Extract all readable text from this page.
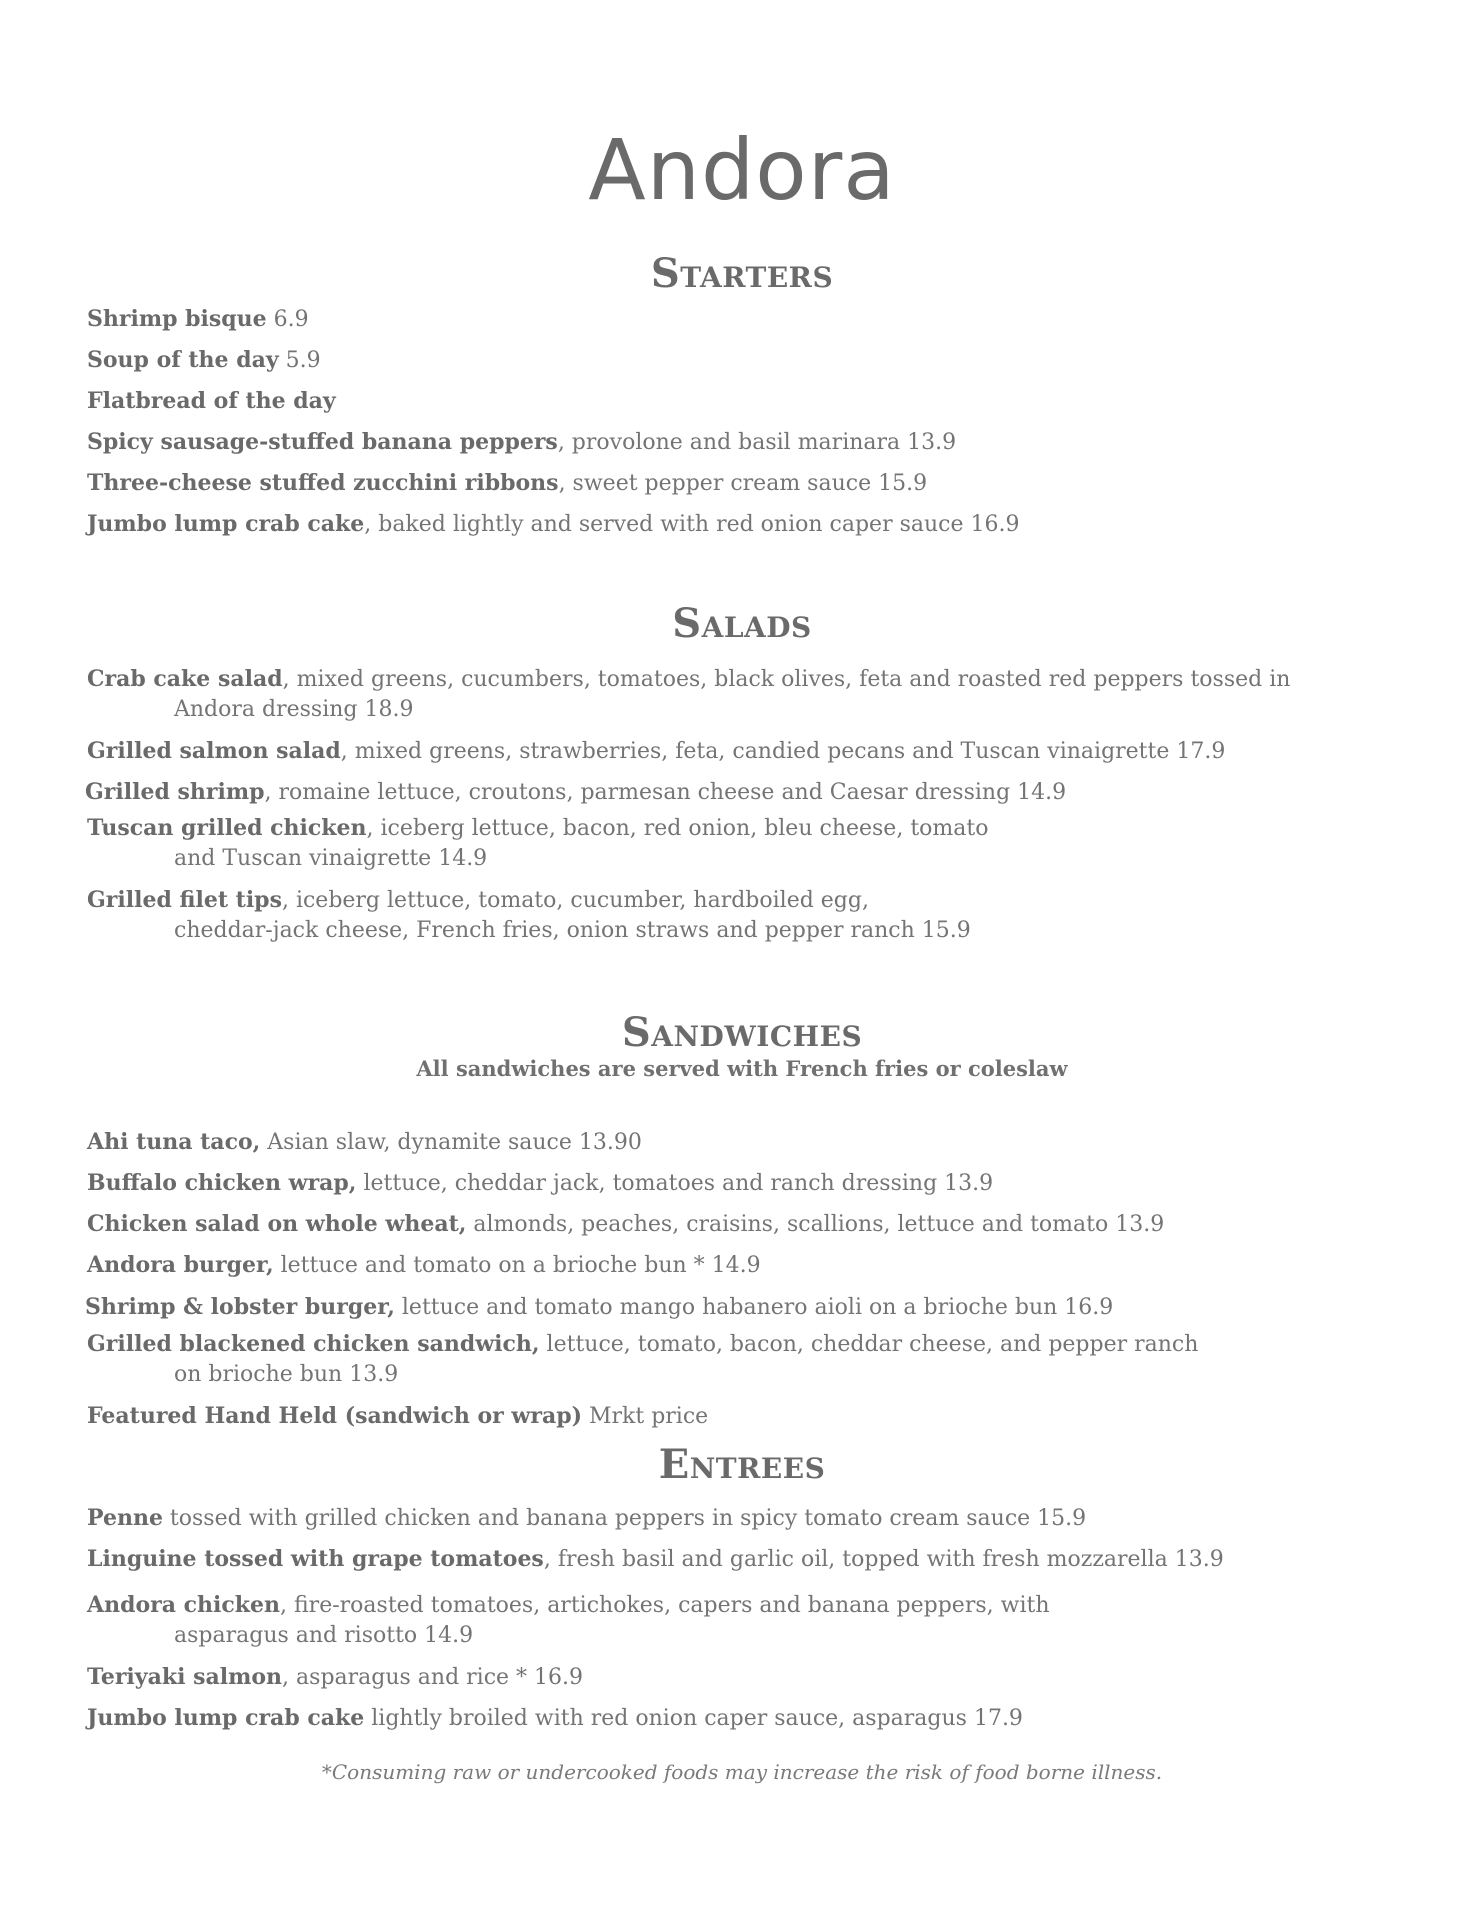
Andora
Starters

Shrimp bisque 6.9

Soup of the day 5.9

Flatbread of the day

Spicy sausage-stuffed banana peppers, provolone and basil marinara 13.9

Three-cheese stuffed zucchini ribbons, sweet pepper cream sauce 15.9

Jumbo lump crab cake, baked lightly and served with red onion caper sauce 16.9

Salads

Crab cake salad, mixed greens, cucumbers, tomatoes, black olives, feta and roasted red peppers tossed in
Andora dressing 18.9

Grilled salmon salad, mixed greens, strawberries, feta, candied pecans and Tuscan vinaigrette 17.9

Grilled shrimp, romaine lettuce, croutons, parmesan cheese and Caesar dressing 14.9

Tuscan grilled chicken, iceberg lettuce, bacon, red onion, bleu cheese, tomato
and Tuscan vinaigrette 14.9

Grilled filet tips, iceberg lettuce, tomato, cucumber, hardboiled egg,
cheddar-jack cheese, French fries, onion straws and pepper ranch 15.9

Sandwiches
All sandwiches are served with French fries or coleslaw

Ahi tuna taco, Asian slaw, dynamite sauce 13.90

Buffalo chicken wrap, lettuce, cheddar jack, tomatoes and ranch dressing 13.9

Chicken salad on whole wheat, almonds, peaches, craisins, scallions, lettuce and tomato 13.9

Andora burger, lettuce and tomato on a brioche bun * 14.9

Shrimp & lobster burger, lettuce and tomato mango habanero aioli on a brioche bun 16.9

Grilled blackened chicken sandwich, lettuce, tomato, bacon, cheddar cheese, and pepper ranch
on brioche bun 13.9

Featured Hand Held (sandwich or wrap) Mrkt price

Entrees

Penne tossed with grilled chicken and banana peppers in spicy tomato cream sauce 15.9

Linguine tossed with grape tomatoes, fresh basil and garlic oil, topped with fresh mozzarella 13.9

Andora chicken, fire-roasted tomatoes, artichokes, capers and banana peppers, with
asparagus and risotto 14.9

Teriyaki salmon, asparagus and rice * 16.9

Jumbo lump crab cake lightly broiled with red onion caper sauce, asparagus 17.9

*Consuming raw or undercooked foods may increase the risk of food borne illness.
